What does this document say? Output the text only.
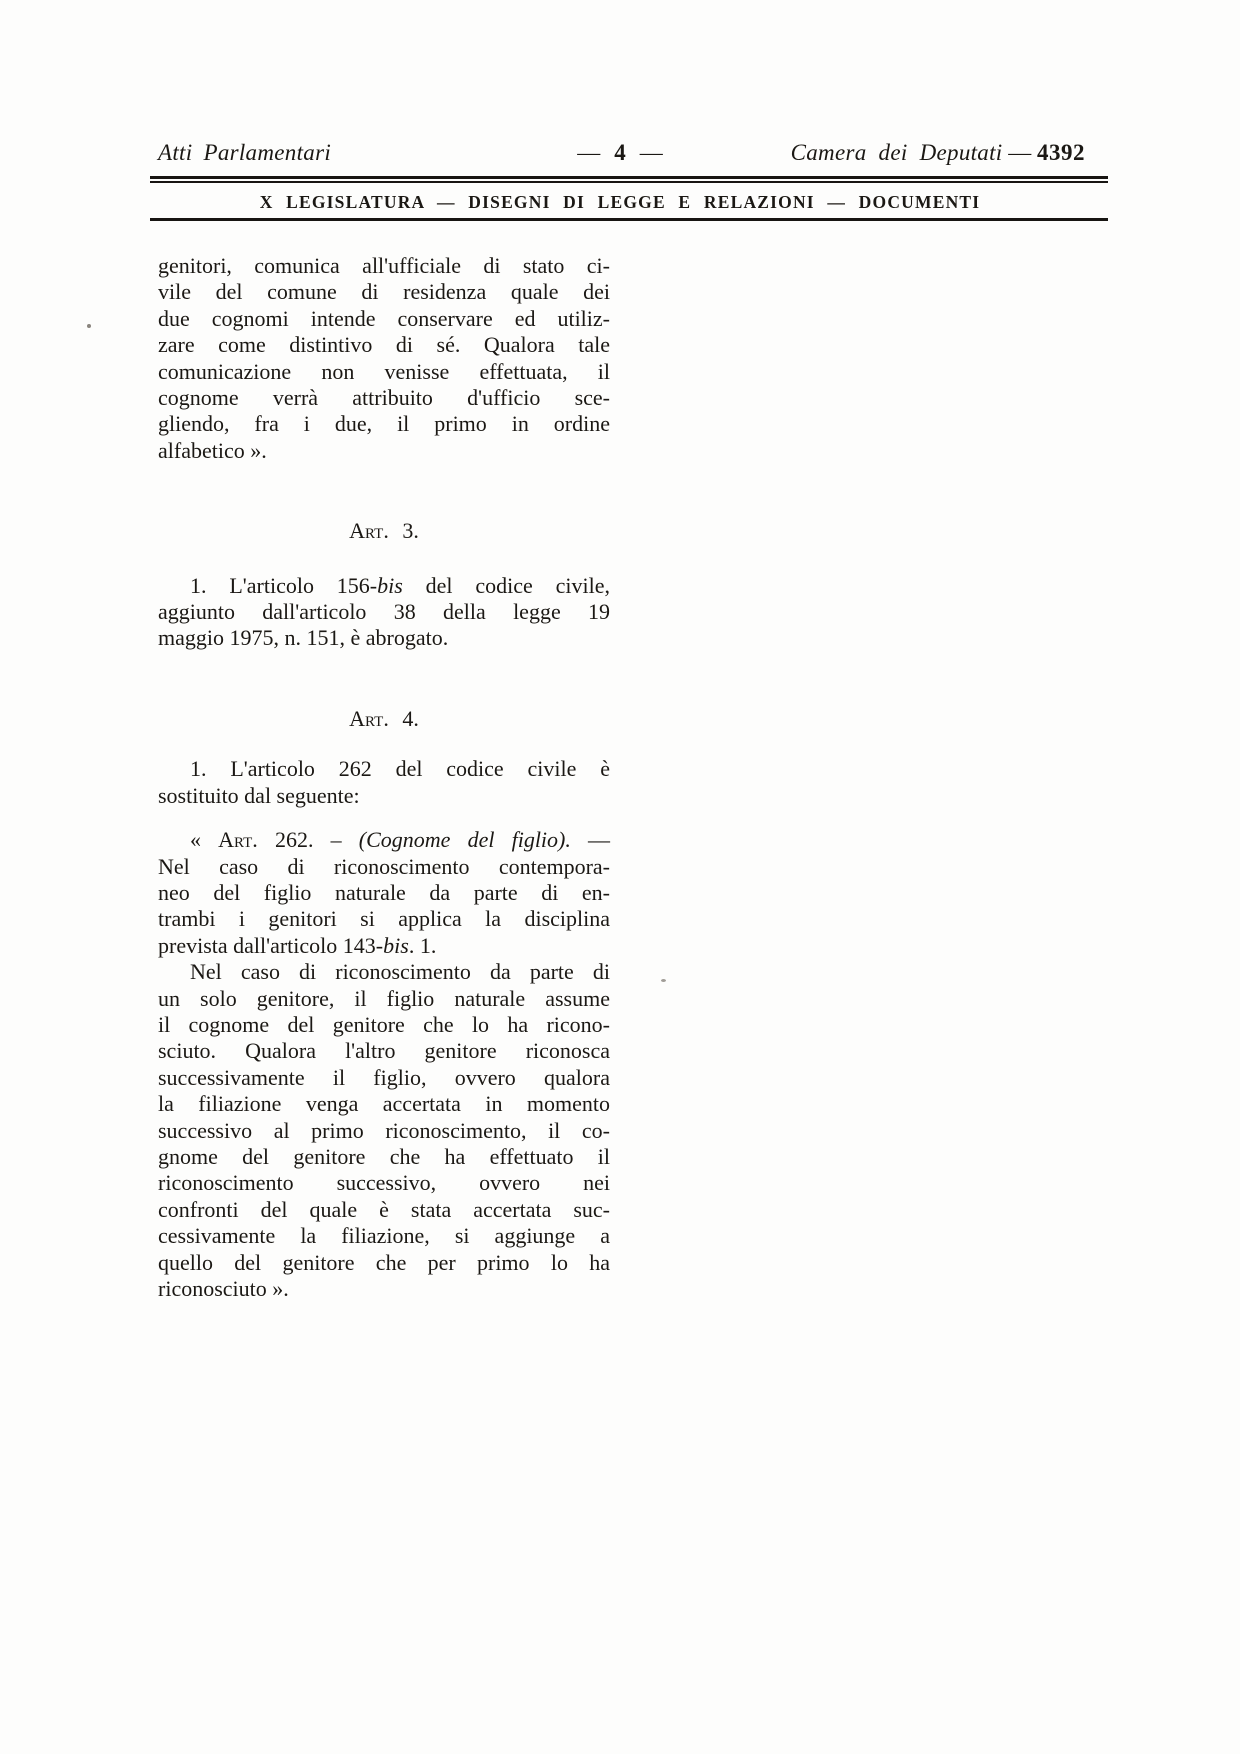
Atti Parlamentari	— 4 —	Camera dei Deputati — 4392
X LEGISLATURA — DISEGNI DI LEGGE E RELAZIONI — DOCUMENTI
genitori, comunica all'ufficiale di stato ci-
vile del comune di residenza quale dei
due cognomi intende conservare ed utiliz-
zare come distintivo di sé. Qualora tale
comunicazione non venisse effettuata, il
cognome verrà attribuito d'ufficio sce-
gliendo, fra i due, il primo in ordine
alfabetico ».
Art. 3.
1. L'articolo 156-bis del codice civile,
aggiunto dall'articolo 38 della legge 19
maggio 1975, n. 151, è abrogato.
Art. 4.
1. L'articolo 262 del codice civile è
sostituito dal seguente:
« Art. 262. – (Cognome del figlio). —
Nel caso di riconoscimento contempora-
neo del figlio naturale da parte di en-
trambi i genitori si applica la disciplina
prevista dall'articolo 143-bis. 1.
Nel caso di riconoscimento da parte di
un solo genitore, il figlio naturale assume
il cognome del genitore che lo ha ricono-
sciuto. Qualora l'altro genitore riconosca
successivamente il figlio, ovvero qualora
la filiazione venga accertata in momento
successivo al primo riconoscimento, il co-
gnome del genitore che ha effettuato il
riconoscimento successivo, ovvero nei
confronti del quale è stata accertata suc-
cessivamente la filiazione, si aggiunge a
quello del genitore che per primo lo ha
riconosciuto ».
